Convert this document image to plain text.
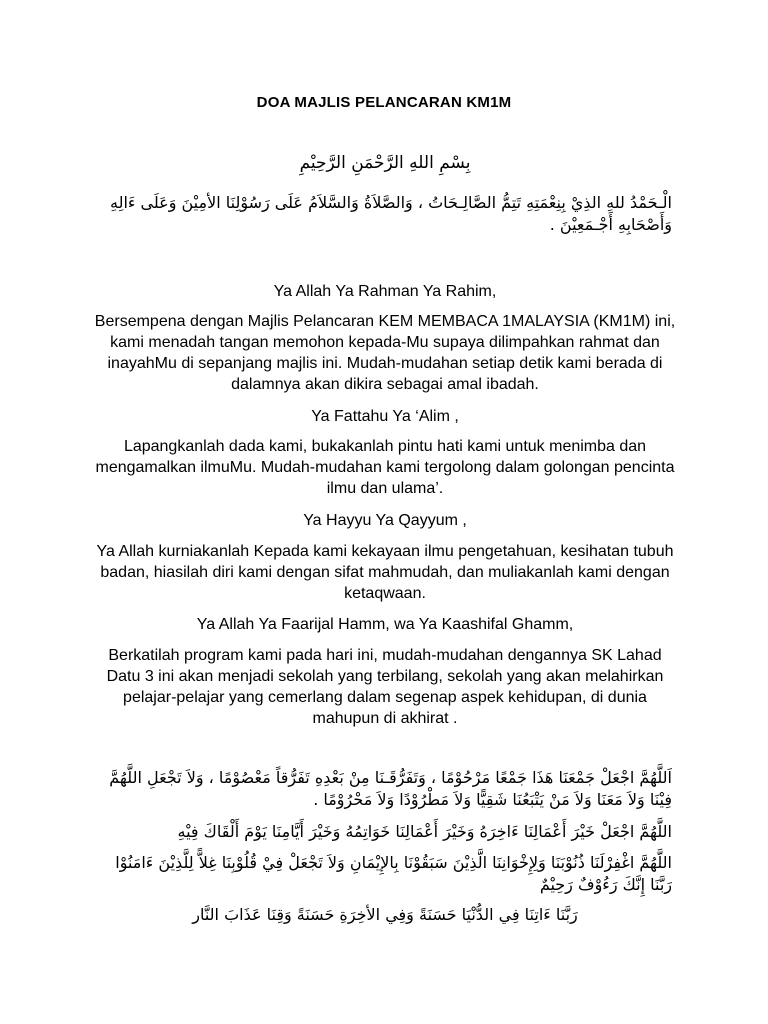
DOA MAJLIS PELANCARAN KM1M
بِسْمِ اللهِ الرَّحْمَنِ الرَّحِيْمِ
الْـحَمْدُ للهِ الذِيْ بِنِعْمَتِهِ تَتِمُّ الصَّالِـحَاتُ ، وَالصَّلاَةُ وَالسَّلاَمُ عَلَى رَسُوْلِنَا الأمِيْنَ وَعَلَى ءَالِهِ وَأَصْحَابِهِ أَجْـمَعِيْنَ .
Ya Allah Ya Rahman Ya Rahim,
Bersempena dengan Majlis Pelancaran KEM MEMBACA 1MALAYSIA (KM1M) ini, kami menadah tangan memohon kepada-Mu supaya dilimpahkan rahmat dan inayahMu di sepanjang majlis ini. Mudah-mudahan setiap detik kami berada di dalamnya akan dikira sebagai amal ibadah.
Ya Fattahu Ya ‘Alim ,
Lapangkanlah dada kami, bukakanlah pintu hati kami untuk menimba dan mengamalkan ilmuMu. Mudah-mudahan kami tergolong dalam golongan pencinta ilmu dan ulama’.
Ya Hayyu Ya Qayyum ,
Ya Allah kurniakanlah Kepada kami kekayaan ilmu pengetahuan, kesihatan tubuh badan, hiasilah diri kami dengan sifat mahmudah, dan muliakanlah kami dengan ketaqwaan.
Ya Allah Ya Faarijal Hamm, wa Ya Kaashifal Ghamm,
Berkatilah program kami pada hari ini, mudah-mudahan dengannya SK Lahad Datu 3 ini akan menjadi sekolah yang terbilang, sekolah yang akan melahirkan pelajar-pelajar yang cemerlang dalam segenap aspek kehidupan, di dunia mahupun di akhirat .
اَللَّهُمَّ اجْعَلْ جَمْعَنَا هَذَا جَمْعًا مَرْحُوْمًا ، وَتَفَرُّقَـنَا مِنْ بَعْدِهِ تَفَرُّقاً مَعْصُوْمًا ، وَلاَ تَجْعَلِ اللَّهُمَّ فِيْنَا وَلاَ مَعَنَا وَلاَ مَنْ يَتْبَعُنَا شَقِيًّا وَلاَ مَطْرُوْدًا وَلاَ مَحْرُوْمًا .
اللَّهُمَّ اجْعَلْ خَيْرَ أَعْمَالِنَا ءَاخِرَهُ وَخَيْرَ أَعْمَالِنَا خَوَاتِمُهُ وَخَيْرَ أَيَّامِنَا يَوْمَ أَلْقَاكَ فِيْهِ
اللَّهُمَّ اغْفِرْلَنَا ذُنُوْبَنَا وَلِإِخْوَانِنَا الَّذِيْنَ سَبَقُوْنَا بِالإِيْمَانِ وَلاَ تَجْعَلْ فِيْ قُلُوْبِنَا غِلاًّ لِلَّذِيْنَ ءَامَنُوْا رَبَّنَا إِنَّكَ رَءُوْفٌ رَحِيْمٌ
رَبَّنَا ءَاتِنَا فِي الدُّنْيَا حَسَنَةً وَفِي الأخِرَةِ حَسَنَةً وَقِنَا عَذَابَ النَّار
